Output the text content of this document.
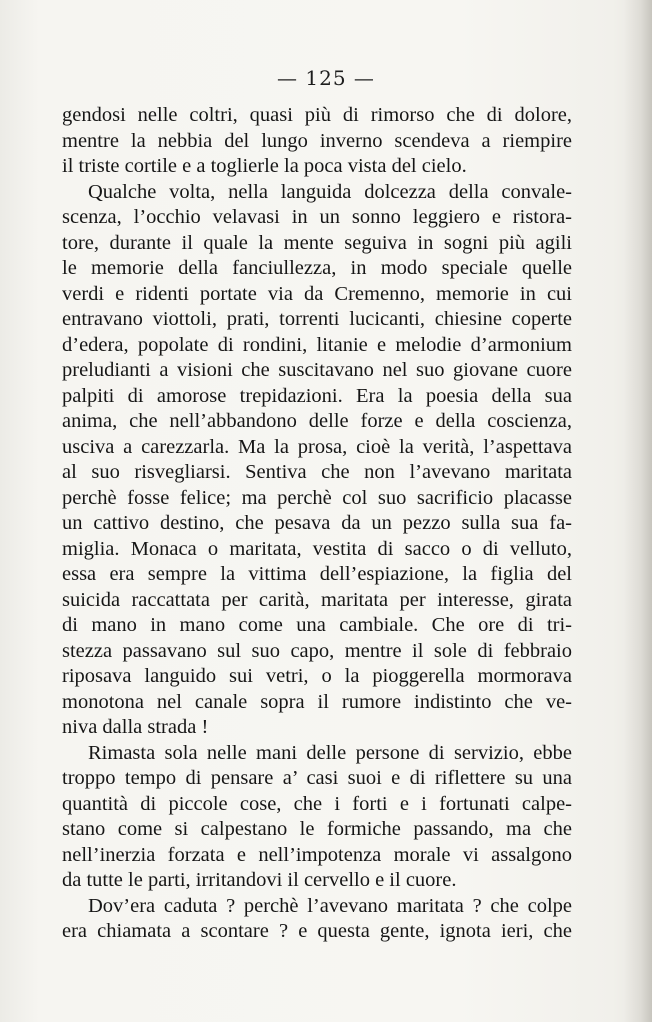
— 125 —
gendosi nelle coltri, quasi più di rimorso che di dolore,
mentre la nebbia del lungo inverno scendeva a riempire
il triste cortile e a toglierle la poca vista del cielo.
Qualche volta, nella languida dolcezza della convale-
scenza, l’occhio velavasi in un sonno leggiero e ristora-
tore, durante il quale la mente seguiva in sogni più agili
le memorie della fanciullezza, in modo speciale quelle
verdi e ridenti portate via da Cremenno, memorie in cui
entravano viottoli, prati, torrenti lucicanti, chiesine coperte
d’edera, popolate di rondini, litanie e melodie d’armonium
preludianti a visioni che suscitavano nel suo giovane cuore
palpiti di amorose trepidazioni. Era la poesia della sua
anima, che nell’abbandono delle forze e della coscienza,
usciva a carezzarla. Ma la prosa, cioè la verità, l’aspettava
al suo risvegliarsi. Sentiva che non l’avevano maritata
perchè fosse felice; ma perchè col suo sacrificio placasse
un cattivo destino, che pesava da un pezzo sulla sua fa-
miglia. Monaca o maritata, vestita di sacco o di velluto,
essa era sempre la vittima dell’espiazione, la figlia del
suicida raccattata per carità, maritata per interesse, girata
di mano in mano come una cambiale. Che ore di tri-
stezza passavano sul suo capo, mentre il sole di febbraio
riposava languido sui vetri, o la pioggerella mormorava
monotona nel canale sopra il rumore indistinto che ve-
niva dalla strada !
Rimasta sola nelle mani delle persone di servizio, ebbe
troppo tempo di pensare a’ casi suoi e di riflettere su una
quantità di piccole cose, che i forti e i fortunati calpe-
stano come si calpestano le formiche passando, ma che
nell’inerzia forzata e nell’impotenza morale vi assalgono
da tutte le parti, irritandovi il cervello e il cuore.
Dov’era caduta ? perchè l’avevano maritata ? che colpe
era chiamata a scontare ? e questa gente, ignota ieri, che
